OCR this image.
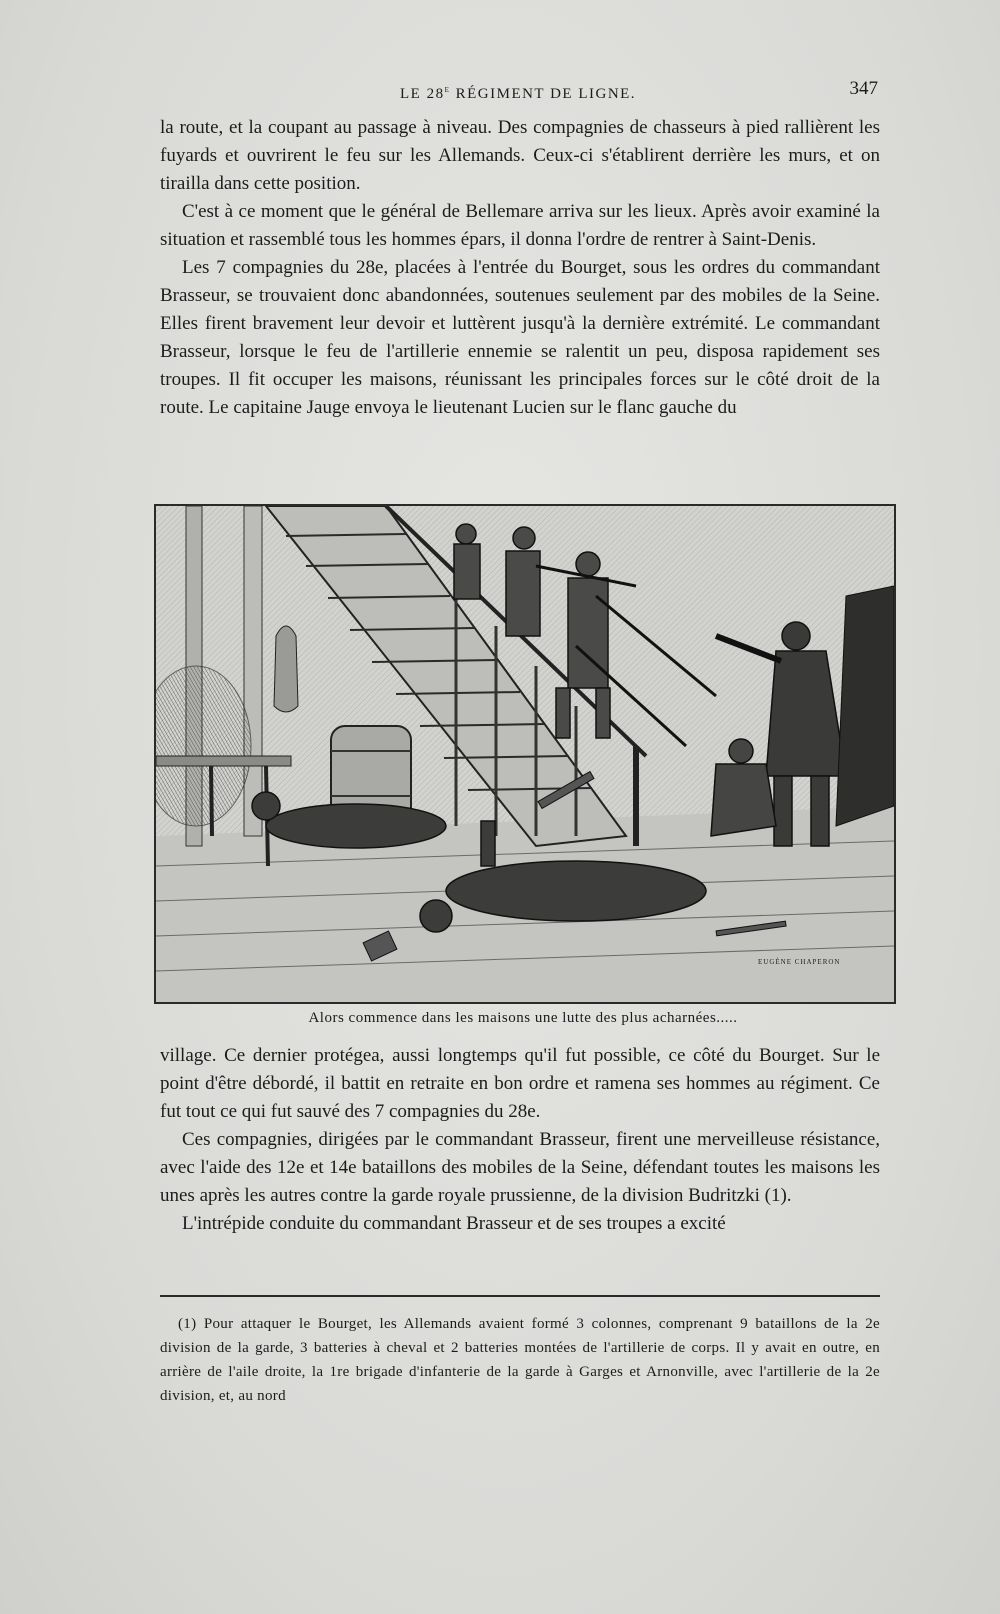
LE 28e RÉGIMENT DE LIGNE.	347

la route, et la coupant au passage à niveau. Des compagnies de chasseurs à pied rallièrent les fuyards et ouvrirent le feu sur les Allemands. Ceux-ci s'établirent derrière les murs, et on tirailla dans cette position.

C'est à ce moment que le général de Bellemare arriva sur les lieux. Après avoir examiné la situation et rassemblé tous les hommes épars, il donna l'ordre de rentrer à Saint-Denis.

Les 7 compagnies du 28e, placées à l'entrée du Bourget, sous les ordres du commandant Brasseur, se trouvaient donc abandonnées, soutenues seulement par des mobiles de la Seine. Elles firent bravement leur devoir et luttèrent jusqu'à la dernière extrémité. Le commandant Brasseur, lorsque le feu de l'artillerie ennemie se ralentit un peu, disposa rapidement ses troupes. Il fit occuper les maisons, réunissant les principales forces sur le côté droit de la route. Le capitaine Jauge envoya le lieutenant Lucien sur le flanc gauche du

EUGÈNE CHAPERON
Alors commence dans les maisons une lutte des plus acharnées.....

village. Ce dernier protégea, aussi longtemps qu'il fut possible, ce côté du Bourget. Sur le point d'être débordé, il battit en retraite en bon ordre et ramena ses hommes au régiment. Ce fut tout ce qui fut sauvé des 7 compagnies du 28e.

Ces compagnies, dirigées par le commandant Brasseur, firent une merveilleuse résistance, avec l'aide des 12e et 14e bataillons des mobiles de la Seine, défendant toutes les maisons les unes après les autres contre la garde royale prussienne, de la division Budritzki (1).

L'intrépide conduite du commandant Brasseur et de ses troupes a excité

(1) Pour attaquer le Bourget, les Allemands avaient formé 3 colonnes, comprenant 9 bataillons de la 2e division de la garde, 3 batteries à cheval et 2 batteries montées de l'artillerie de corps. Il y avait en outre, en arrière de l'aile droite, la 1re brigade d'infanterie de la garde à Garges et Arnonville, avec l'artillerie de la 2e division, et, au nord
